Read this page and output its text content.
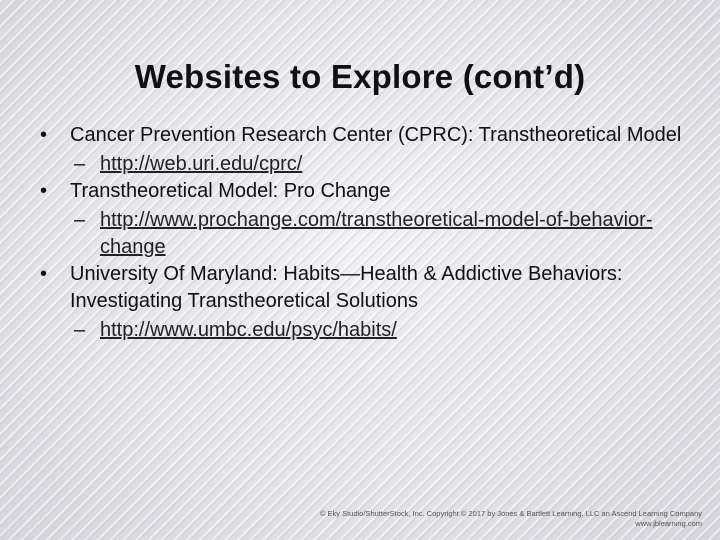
Websites to Explore (cont’d)
•	Cancer Prevention Research Center (CPRC): Transtheoretical Model
– http://web.uri.edu/cprc/
•	Transtheoretical Model: Pro Change
– http://www.prochange.com/transtheoretical-model-of-behavior-change
•	University Of Maryland: Habits—Health & Addictive Behaviors: Investigating Transtheoretical Solutions
– http://www.umbc.edu/psyc/habits/
© Eky Studio/ShutterStock, Inc. Copyright © 2017 by Jones & Bartlett Learning, LLC an Ascend Learning Company
www.jblearning.com
